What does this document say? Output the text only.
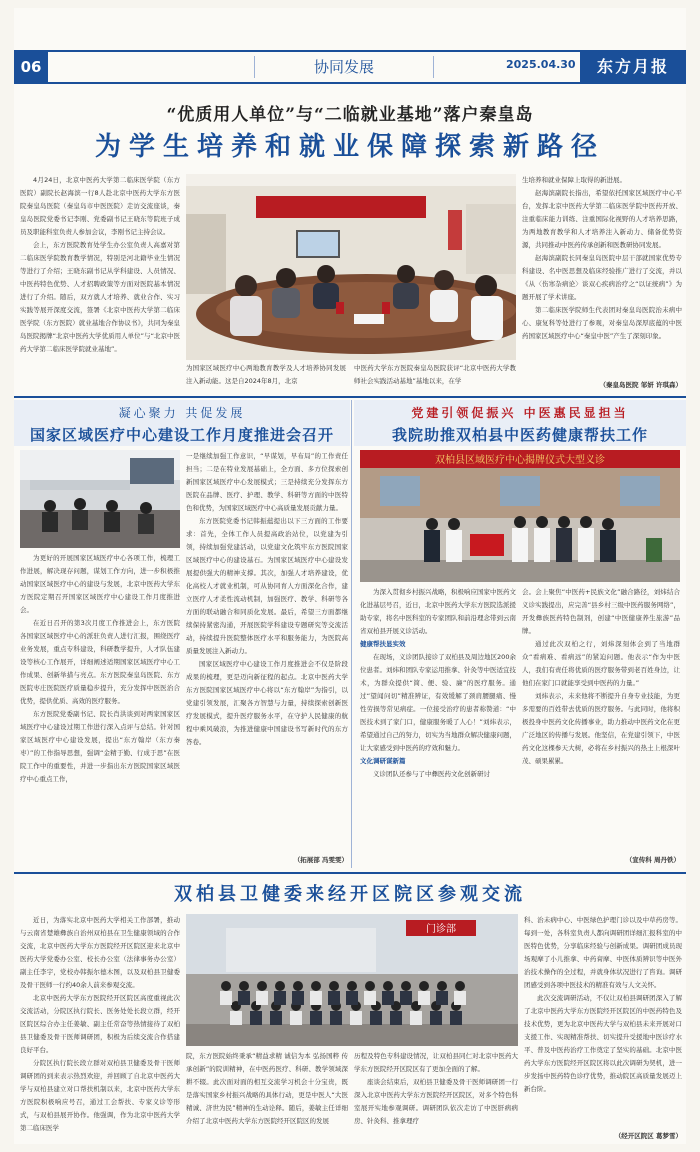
06	协同发展	2025.04.30	东方月报
“优质用人单位”与“二临就业基地”落户秦皇岛
为学生培养和就业保障探索新路径

4月24日，北京中医药大学第二临床医学院（东方医院）副院长赵海滨一行8人赴北京中医药大学东方医院秦皇岛医院（秦皇岛市中医医院）走访交流座谈，秦皇岛医院党委书记李刚、党委副书记王晓东等院班子成员及职能科室负责人参加会议，李刚书记主持会议。

会上，东方医院教育处学生办公室负责人高嘉对第二临床医学院教育教学情况，特别是河北籍毕业生情况等进行了介绍；王晓东副书记从学科建设、人员情况、中医药特色优势、人才招聘政策等方面对医院基本情况进行了介绍。随后，双方就人才培养、就业合作、实习实践等展开深度交流，签署《北京中医药大学第二临床医学院（东方医院）就业基地合作协议书》，共同为秦皇岛医院揭牌“北京中医药大学优质用人单位”与“北京中医药大学第二临床医学院就业基地”。

为国家区域医疗中心两地教育教学及人才培养协同发展注入新动能。这是自2024年8月，北京

中医药大学东方医院秦皇岛医院获评“北京中医药大学教师社会实践活动基地”基地以来，在学

生培养和就业保障上取得的新进展。

赵海滨副院长指出，希望依托国家区域医疗中心平台，发挥北京中医药大学第二临床医学院中医药开放、注重临床能力训练、注重国际化视野的人才培养思路，为两地教育教学和人才培养注入新动力、储备优势资源，共同推动中医药传承创新和医教研协同发展。

赵海滨副院长同秦皇岛医院中层干部就国家优势专科建设、名中医思想及临床经验推广进行了交流，并以《从〈伤寒杂病论〉谈双心疾病治疗之“以证统病”》为题开展了学术讲座。

第二临床医学院师生代表团对秦皇岛医院治未病中心、康复科等处进行了参观，对秦皇岛深厚底蕴的中医药国家区域医疗中心“秦皇中医”产生了深刻印象。

（秦皇岛医院 邹妍 许琪森）
凝心聚力 共促发展
国家区域医疗中心建设工作月度推进会召开

为更好的开展国家区域医疗中心各项工作，梳理工作进展，解决现存问题，谋划工作方向，进一步积极推动国家区域医疗中心的建设与发展，北京中医药大学东方医院定期召开国家区域医疗中心建设工作月度推进会。

在近日召开的第3次月度工作推进会上，东方医院各国家区域医疗中心的派驻负责人进行汇报，围绕医疗业务发展，重点专科建设，科研教学提升，人才队伍建设等核心工作展开，详细阐述适期国家区域医疗中心工作成果、创新举措与亮点。东方医院秦皇岛医院、东方医院枣庄医院医疗质量稳步提升，充分发挥中医医治合优势，提供优质、高效的医疗服务。

东方医院党委副书记、院长肖洪谈到对两家国家区域医疗中心建设过期工作进行深入点评与总结。针对国家区域医疗中心建设发展，提出“东方翰岸（东方秦枣）”的工作指导思想，强调“金精于勤、行成于思”在医院工作中的重要性，并进一步指出东方医院国家区域医疗中心重点工作，

一是继续加强工作意识，“早谋划，早布局”的工作责任担当；二是在特业发展基础上，全方面、多方位探索创新国家区域医疗中心发展模式；三是持续充分发挥东方医院在品牌、医疗、护理、教学、科研等方面的中医特色和优势，为国家区域医疗中心高质量发展贡献力量。

东方医院党委书记韩振蕴提出以下三方面的工作要求：首先，全体工作人员提高政治站位，以党建为引领，持续加强党建活动，以党建文化筑牢东方医院国家区域医疗中心的建设基石。为国家区域医疗中心建设发展提供强大的精神支撑。其次，加强人才培养建设，优化高校人才就业机制，可从协同育人方面深化合作，建立医疗人才柔性流动机制，加强医疗、教学、科研等各方面的联动融合和同质化发展。最后，希望三方面都继续保持紧密沟通，开展医院学科建设专题研究等交流活动，持续提升医院整体医疗水平和服务能力，为医院高质量发展注入新动力。

国家区域医疗中心建设工作月度推进会不仅是阶段成果的梳理，更是迈向新征程的起点。北京中医药大学东方医院国家区域医疗中心将以“东方翰岸”为指引，以党建引领发展，汇聚各方智慧与力量，持续探索创新医疗发展模式，提升医疗服务水平，在守护人民健康的航程中乘风破浪，为推进健康中国建设书写新时代的东方答卷。

（拓展部 冯雯雯）
党建引领促振兴 中医惠民显担当
我院助推双柏县中医药健康帮扶工作
双柏县区域医疗中心揭牌仪式大型义诊

为深入贯彻乡村振兴战略，积极响应国家中医药文化进基层号召，近日，北京中医药大学东方医院选派援助专家，将名中医科室的专家团队和前沿理念带到云南省双柏县开展义诊活动。

健康帮扶显实效

在现场，义诊团队接诊了双柏县及周边地区200余位患者。刘炜和团队专家运用推拿、针灸等中医适宜技术，为群众提供“简、便、验、廉”的医疗服务。通过“望闻问切”精准辨证，有效缓解了颈肩腰腿痛、慢性劳损等常见病症。一位接受治疗的患者称赞道：“中医技术到了家门口，健康服务暖了人心！”刘炜表示，希望通过自己的努力，切实为当地群众解决健康问题，让大家感受到中医药的疗效和魅力。

文化调研谋新篇

义诊团队还参与了中彝医药文化创新研讨

会。会上聚焦“中医药+民族文化”融合路径，刘炜结合义诊实践提出，应完善“县乡村三级中医药服务网络”，开发彝族医药特色制剂，创建“中医健康养生旅游”品牌。

通过此次双柏之行，刘炜深刻体会到了当地群众“看病难、看病远”的紧迫问题。他表示“作为中医人，我们有责任将优质的医疗服务带到老百姓身边，让他们在家门口就能享受到中医药的力量。”

刘炜表示，未来他将不断提升自身专业技能，为更多需要的百姓带去优质的医疗服务。与此同时，他将积极投身中医药文化传播事业，助力推动中医药文化在更广泛地区的传播与发展。他坚信，在党建引领下，中医药文化这棵参天大树，必将在乡村振兴的热土上根深叶茂、硕果累累。

（宣传科 周丹铁）
双柏县卫健委来经开区院区参观交流

近日，为落实北京中医药大学相关工作部署，推动与云南省楚雄彝族自治州双柏县在卫生健康领域的合作交流，北京中医药大学东方医院经开区院区迎来北京中医药大学党委办公室、校长办公室（法律事务办公室）副主任李宇，党校办韩振尔德木图，以及双柏县卫健委及骨干医师一行约40余人前来参观交流。

北京中医药大学东方医院经开区院区高度重视此次交流活动，分院区执行院长、医务处处长段立群，经开区院区综合办主任姜敏、副主任常奋等热情接待了双柏县卫健委及骨干医师调研团，积极为后续交流合作搭建良好平台。

分院区执行院长段立群对双柏县卫健委及骨干医师调研团的到来表示热烈欢迎，并回顾了自北京中医药大学与双柏县建立对口帮扶机制以来，北京中医药大学东方医院积极响应号召，通过工会帮扶、专家义诊等形式，与双柏县展开协作。他强调，作为北京中医药大学第二临床医学

门诊部

院，东方医院始终秉承“精益求精 诚信为本 弘扬国粹 传承创新”的院训精神，在中医药医疗、科研、教学领域深耕不辍。此次面对面的相互交流学习机会十分宝贵，既是落实国家乡村振兴战略的具体行动，更是中医人“大医精诚、济世为民”精神的生动诠释。随后，姜敏主任详细介绍了北京中医药大学东方医院经开区院区的发展

历程及特色专科建设情况，让双柏县同仁对北京中医药大学东方医院经开区院区有了更加全面的了解。

座谈会结束后，双柏县卫健委及骨干医师调研团一行深入北京中医药大学东方医院经开区院区，对多个特色科室展开实地参观调研。调研团队依次走访了中医肝病病房、针灸科、推拿理疗

科、治未病中心、中医绿色护理门诊以及中草药房等。每到一处，各科室负责人都向调研团详细汇报科室的中医特色优势，分享临床经验与创新成果。调研团成员现场观摩了小儿推拿、中药膏摩、中医体质辨识等中医外治技术操作的全过程，并就身体状况进行了咨询。调研团感受到各项中医技术的精准有效与人文关怀。

此次交流调研活动，不仅让双柏县调研团深入了解了北京中医药大学东方医院经开区院区的中医药特色及技术优势，更为北京中医药大学与双柏县未来开展对口支援工作、实现精准帮扶、切实提升受援地中医诊疗水平、普及中医药治疗工作奠定了坚实的基础。北京中医药大学东方医院经开区院区将以此次调研为契机，进一步发扬中医药特色诊疗优势，推动院区高质量发展迈上新台阶。

（经开区院区 葛梦雪）
